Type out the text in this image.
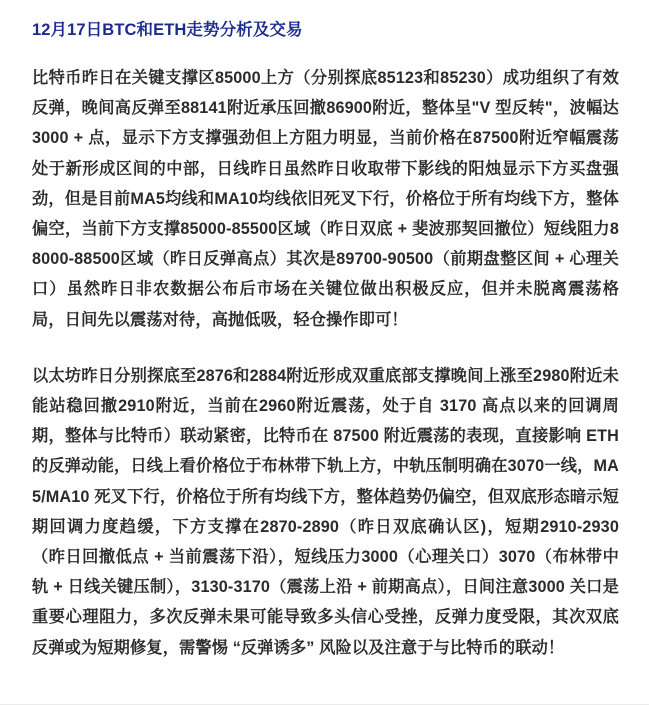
12月17日BTC和ETH走势分析及交易

比特币昨日在关键支撑区85000上方（分别探底85123和85230）成功组织了有效反弹，晚间高反弹至88141附近承压回撤86900附近，整体呈"V 型反转"，波幅达 3000 + 点，显示下方支撑强劲但上方阻力明显，当前价格在87500附近窄幅震荡处于新形成区间的中部，日线昨日虽然昨日收取带下影线的阳烛显示下方买盘强劲，但是目前MA5均线和MA10均线依旧死叉下行，价格位于所有均线下方，整体偏空，当前下方支撑85000-85500区域（昨日双底 + 斐波那契回撤位）短线阻力88000-88500区域（昨日反弹高点）其次是89700-90500（前期盘整区间 + 心理关口）虽然昨日非农数据公布后市场在关键位做出积极反应，但并未脱离震荡格局，日间先以震荡对待，高抛低吸，轻仓操作即可！

以太坊昨日分别探底至2876和2884附近形成双重底部支撑晚间上涨至2980附近未能站稳回撤2910附近，当前在2960附近震荡，处于自 3170 高点以来的回调周期，整体与比特币）联动紧密，比特币在 87500 附近震荡的表现，直接影响 ETH 的反弹动能，日线上看价格位于布林带下轨上方，中轨压制明确在3070一线，MA5/MA10 死叉下行，价格位于所有均线下方，整体趋势仍偏空，但双底形态暗示短期回调力度趋缓，下方支撑在2870-2890（昨日双底确认区)，短期2910-2930（昨日回撤低点 + 当前震荡下沿），短线压力3000（心理关口）3070（布林带中轨 + 日线关键压制），3130-3170（震荡上沿 + 前期高点），日间注意3000 关口是重要心理阻力，多次反弹未果可能导致多头信心受挫，反弹力度受限，其次双底反弹或为短期修复，需警惕 “反弹诱多” 风险以及注意于与比特币的联动！
